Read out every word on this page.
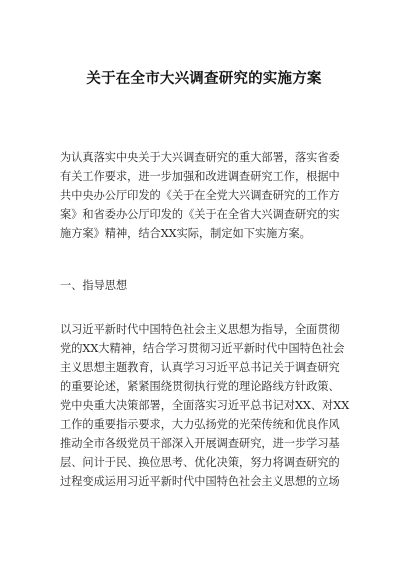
关于在全市大兴调查研究的实施方案
为认真落实中央关于大兴调查研究的重大部署，落实省委
有关工作要求，进一步加强和改进调查研究工作，根据中
共中央办公厅印发的《关于在全党大兴调查研究的工作方
案》和省委办公厅印发的《关于在全省大兴调查研究的实
施方案》精神，结合XX实际，制定如下实施方案。
一、指导思想
以习近平新时代中国特色社会主义思想为指导，全面贯彻
党的XX大精神，结合学习贯彻习近平新时代中国特色社会
主义思想主题教育，认真学习习近平总书记关于调查研究
的重要论述，紧紧围绕贯彻执行党的理论路线方针政策、
党中央重大决策部署，全面落实习近平总书记对XX、对XX
工作的重要指示要求，大力弘扬党的光荣传统和优良作风
推动全市各级党员干部深入开展调查研究，进一步学习基
层、问计于民、换位思考、优化决策，努力将调查研究的
过程变成运用习近平新时代中国特色社会主义思想的立场
